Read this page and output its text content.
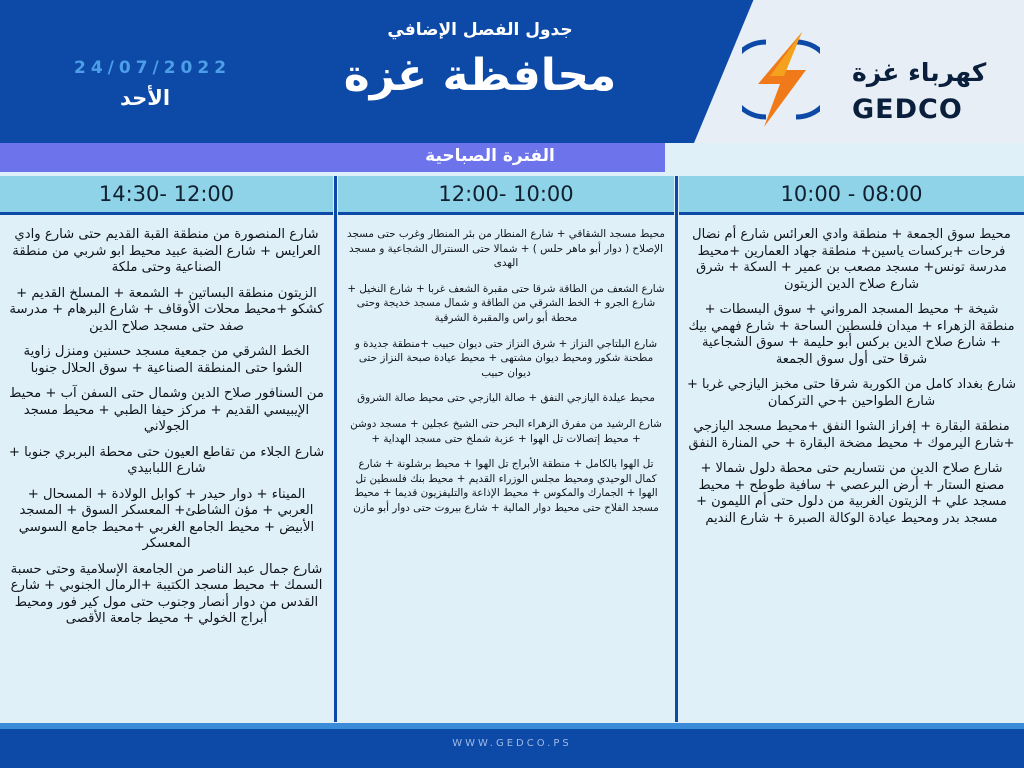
كهرباء غزة
GEDCO
جدول الفصل الإضافي
محافظة غزة
24/07/2022
الأحد
الفترة الصباحية
14:30- 12:00

شارع المنصورة من منطقة القبة القديم حتى شارع وادي العرايس + شارع الضبة عبيد محيط ابو شربي من منطقة الصناعية وحتى ملكة

الزيتون منطقة البساتين + الشمعة + المسلخ القديم + كشكو +محيط محلات الأوقاف + شارع البرهام + مدرسة صفد حتى مسجد صلاح الدين

الخط الشرقي من جمعية مسجد حسنين ومنزل زاوية الشوا حتى المنطقة الصناعية + سوق الحلال جنوبا

من السنافور صلاح الدين وشمال حتى السفن آب + محيط الإيبيسي القديم + مركز حيفا الطبي + محيط مسجد الجولاني

شارع الجلاء من تقاطع العيون حتى محطة البربري جنوبا + شارع اللبابيدي

الميناء + دوار حيدر + كوابل الولادة + المسحال + العربي + مؤن الشاطئ+ المعسكر السوق + المسجد الأبيض + محيط الجامع الغربي +محيط جامع السوسي المعسكر

شارع جمال عبد الناصر من الجامعة الإسلامية وحتى حسبة السمك + محيط مسجد الكتيبة +الرمال الجنوبي + شارع القدس من دوار أنصار وجنوب حتى مول كير فور ومحيط أبراج الخولي + محيط جامعة الأقصى

12:00- 10:00

محيط مسجد الشقاقي + شارع المنطار من بئر المنطار وغرب حتى مسجد الإصلاح ( دوار أبو ماهر حلس ) + شمالا حتى السنترال الشجاعية و مسجد الهدى

شارع الشعف من الطاقة شرقا حتى مقبرة الشعف غربا + شارع النخيل + شارع الجرو + الخط الشرقي من الطاقة و شمال مسجد خديجة وحتى محطة أبو راس والمقبرة الشرقية

شارع البلتاجي النزاز + شرق النزاز حتى ديوان حبيب +منطقة جديدة و مطحنة شكور ومحيط ديوان مشتهى + محيط عيادة صبحة النزاز حتى ديوان حبيب

محيط عيلدة اليازجي النفق + صالة اليازجي حتى محيط صالة الشروق

شارع الرشيد من مفرق الزهراء البحر حتى الشيخ عجلين + مسجد دوشن + محيط إتصالات تل الهوا + عزبة شملخ حتى مسجد الهداية +

تل الهوا بالكامل + منطقة الأبراج تل الهوا + محيط برشلونة + شارع كمال الوحيدي ومحيط مجلس الوزراء القديم + محيط بنك فلسطين تل الهوا + الجمارك والمكوس + محيط الإذاعة والتليفزيون قديما + محيط مسجد الفلاح حتى محيط دوار المالية + شارع بيروت حتى دوار أبو مازن

10:00 - 08:00

محيط سوق الجمعة + منطقة وادي العرائس شارع أم نضال فرحات +بركسات ياسين+ منطقة جهاد العمارين +محيط مدرسة تونس+ مسجد مصعب بن عمير + السكة + شرق شارع صلاح الدين الزيتون

شيخة + محيط المسجد المرواني + سوق البسطات + منطقة الزهراء + ميدان فلسطين الساحة + شارع فهمي بيك + شارع صلاح الدين بركس أبو حليمة + سوق الشجاعية شرقا حتى أول سوق الجمعة

شارع بغداد كامل من الكوربة شرقا حتى مخبز اليازجي غربا + شارع الطواحين +حي التركمان

منطقة البقارة + إفراز الشوا النفق +محيط مسجد اليازجي +شارع اليرموك + محيط مضخة البقارة + حي المنارة النفق

شارع صلاح الدين من نتساريم حتى محطة دلول شمالا + مصنع الستار + أرض البرعصي + سافية طوطح + محيط مسجد علي + الزيتون الغربية من دلول حتى أم الليمون + مسجد بدر ومحيط عيادة الوكالة الصبرة + شارع النديم

WWW.GEDCO.PS
